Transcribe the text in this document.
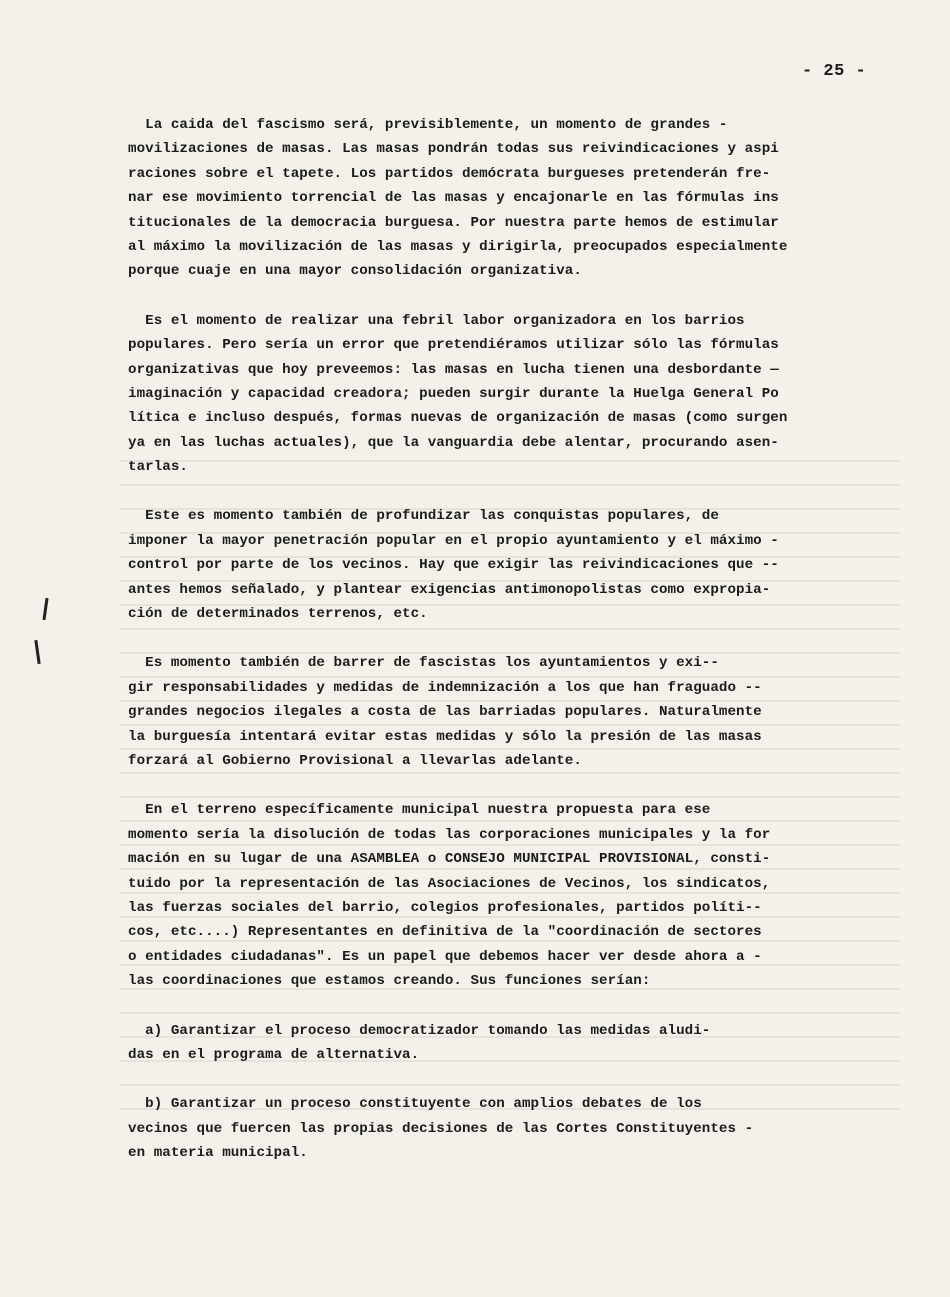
- 25 -
La caida del fascismo será, previsiblemente, un momento de grandes -
movilizaciones de masas. Las masas pondrán todas sus reivindicaciones y aspi
raciones sobre el tapete. Los partidos demócrata burgueses pretenderán fre-
nar ese movimiento torrencial de las masas y encajonarle en las fórmulas ins
titucionales de la democracia burguesa. Por nuestra parte hemos de estimular
al máximo la movilización de las masas y dirigirla, preocupados especialmente
porque cuaje en una mayor consolidación organizativa.
Es el momento de realizar una febril labor organizadora en los barrios
populares. Pero sería un error que pretendiéramos utilizar sólo las fórmulas
organizativas que hoy preveemos: las masas en lucha tienen una desbordante —
imaginación y capacidad creadora; pueden surgir durante la Huelga General Po
lítica e incluso después, formas nuevas de organización de masas (como surgen
ya en las luchas actuales), que la vanguardia debe alentar, procurando asen-
tarlas.
Este es momento también de profundizar las conquistas populares, de
imponer la mayor penetración popular en el propio ayuntamiento y el máximo -
control por parte de los vecinos. Hay que exigir las reivindicaciones que --
antes hemos señalado, y plantear exigencias antimonopolistas como expropia-
ción de determinados terrenos, etc.
Es momento también de barrer de fascistas los ayuntamientos y exi--
gir responsabilidades y medidas de indemnización a los que han fraguado --
grandes negocios ilegales a costa de las barriadas populares. Naturalmente
la burguesía intentará evitar estas medidas y sólo la presión de las masas
forzará al Gobierno Provisional a llevarlas adelante.
En el terreno específicamente municipal nuestra propuesta para ese
momento sería la disolución de todas las corporaciones municipales y la for
mación en su lugar de una ASAMBLEA o CONSEJO MUNICIPAL PROVISIONAL, consti-
tuido por la representación de las Asociaciones de Vecinos, los sindicatos,
las fuerzas sociales del barrio, colegios profesionales, partidos políti--
cos, etc....) Representantes en definitiva de la "coordinación de sectores
o entidades ciudadanas". Es un papel que debemos hacer ver desde ahora a -
las coordinaciones que estamos creando. Sus funciones serían:
a) Garantizar el proceso democratizador tomando las medidas aludi-
das en el programa de alternativa.
b) Garantizar un proceso constituyente con amplios debates de los
vecinos que fuercen las propias decisiones de las Cortes Constituyentes -
en materia municipal.
